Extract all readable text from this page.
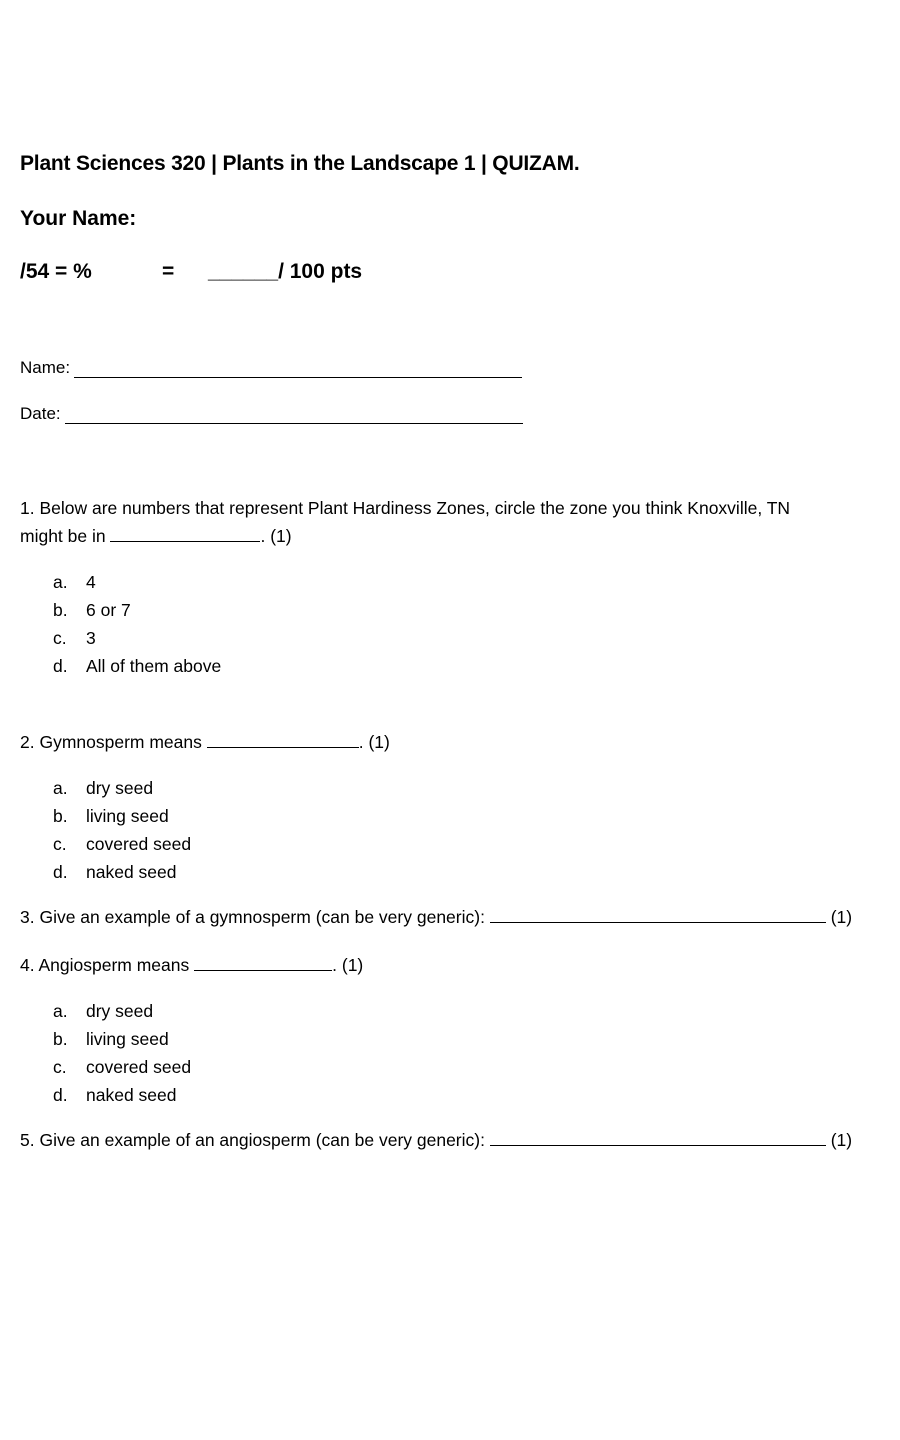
Plant Sciences 320 | Plants in the Landscape 1 | QUIZAM.
Your Name:
/54 = %	= ______/ 100 pts
Name:
Date:
1. Below are numbers that represent Plant Hardiness Zones, circle the zone you think Knoxville, TN
might be in	. (1)
a. 4
b. 6 or 7
c. 3
d. All of them above
2. Gymnosperm means	. (1)
a. dry seed
b. living seed
c. covered seed
d. naked seed
3. Give an example of a gymnosperm (can be very generic):	(1)
4. Angiosperm means	. (1)
a. dry seed
b. living seed
c. covered seed
d. naked seed
5. Give an example of an angiosperm (can be very generic):	(1)
